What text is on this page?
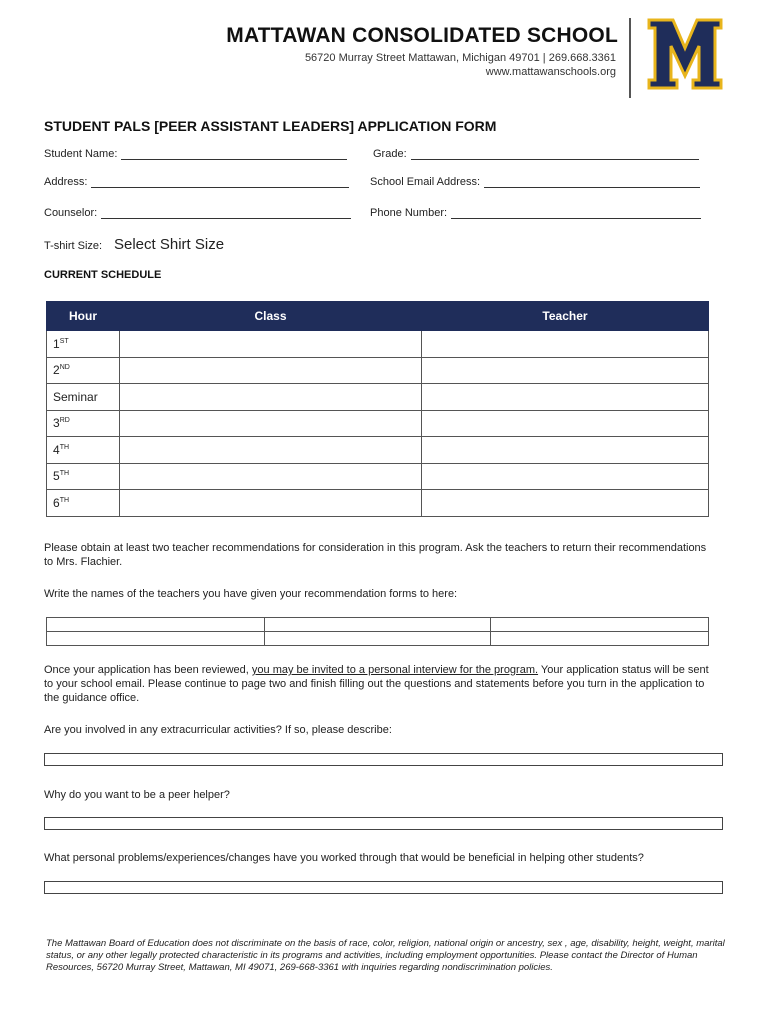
MATTAWAN CONSOLIDATED SCHOOL
56720 Murray Street Mattawan, Michigan 49701 | 269.668.3361
www.mattawanschools.org
STUDENT PALS [PEER ASSISTANT LEADERS] APPLICATION FORM
Student Name:	Grade:
Address:	School Email Address:
Counselor:	Phone Number:
T-shirt Size: Select Shirt Size
CURRENT SCHEDULE
Hour	Class	Teacher
1ST		
2ND		
Seminar		
3RD		
4TH		
5TH		
6TH		
Please obtain at least two teacher recommendations for consideration in this program. Ask the teachers to return their recommendations to Mrs. Flachier.
Write the names of the teachers you have given your recommendation forms to here:

Once your application has been reviewed, you may be invited to a personal interview for the program. Your application status will be sent to your school email. Please continue to page two and finish filling out the questions and statements before you turn in the application to the guidance office.
Are you involved in any extracurricular activities? If so, please describe:
Why do you want to be a peer helper?
What personal problems/experiences/changes have you worked through that would be beneficial in helping other students?
The Mattawan Board of Education does not discriminate on the basis of race, color, religion, national origin or ancestry, sex , age, disability, height, weight, marital status, or any other legally protected characteristic in its programs and activities, including employment opportunities. Please contact the Director of Human Resources, 56720 Murray Street, Mattawan, MI 49071, 269-668-3361 with inquiries regarding nondiscrimination policies.
